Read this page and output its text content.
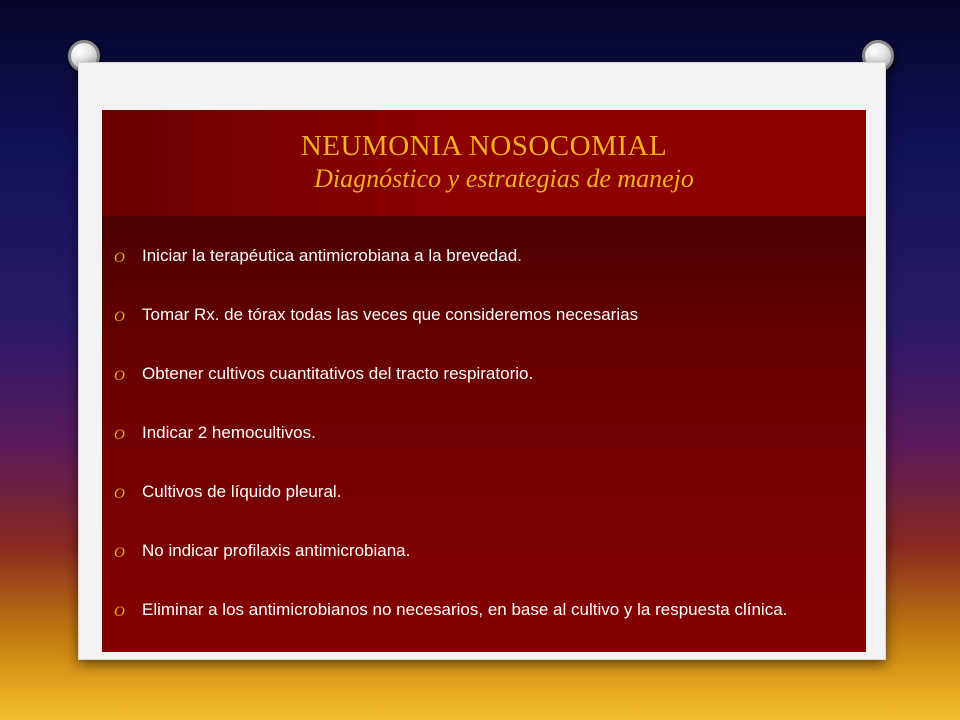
NEUMONIA NOSOCOMIAL
Diagnóstico y estrategias de manejo
O	Iniciar la terapéutica antimicrobiana a la brevedad.
O	Tomar Rx. de tórax todas las veces que consideremos necesarias
O	Obtener cultivos cuantitativos del tracto respiratorio.
O	Indicar 2 hemocultivos.
O	Cultivos de líquido pleural.
O	No indicar profilaxis antimicrobiana.
O	Eliminar a los antimicrobianos no necesarios, en base al cultivo y la respuesta clínica.
